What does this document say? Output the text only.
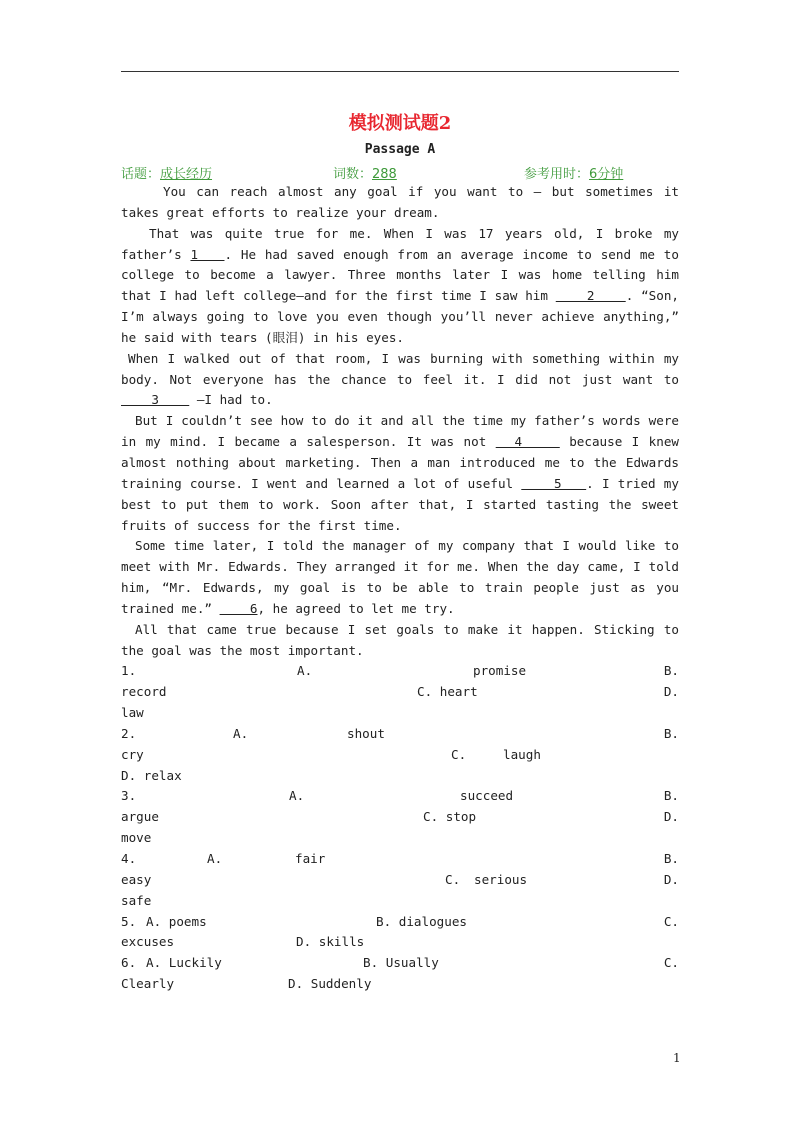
模拟测试题2
Passage A
话题：成长经历	词数：288	参考用时：6分钟

You can reach almost any goal if you want to — but sometimes it takes great efforts to realize your dream.

That was quite true for me. When I was 17 years old, I broke my father’s 1   . He had saved enough from an average income to send me to college to become a lawyer. Three months later I was home telling him that I had left college—and for the first time I saw him     2    . “Son, I’m always going to love you even though you’ll never achieve anything,” he said with tears (眼泪) in his eyes.

When I walked out of that room, I was burning with something within my body. Not everyone has the chance to feel it. I did not just want to     3     —I had to.

But I couldn’t see how to do it and all the time my father’s words were in my mind. I became a salesperson. It was not   4     because I knew almost nothing about marketing. Then a man introduced me to the Edwards training course. I went and learned a lot of useful     5   . I tried my best to put them to work. Soon after that, I started tasting the sweet fruits of success for the first time.

Some time later, I told the manager of my company that I would like to meet with Mr. Edwards. They arranged it for me. When the day came, I told him, “Mr. Edwards, my goal is to be able to train people just as you trained me.”     6, he agreed to let me try.

All that came true because I set goals to make it happen. Sticking to the goal was the most important.

1.	A.	promise	B.
record	C. heart	D.
law
2.	A.	shout	B.
cry	C.	laugh
D. relax
3.	A.	succeed	B.
argue	C. stop	D.
move
4.	A.	fair	B.
easy	C.	serious	D.
safe
5. A. poems	B. dialogues	C.
excuses	D. skills
6. A. Luckily	B. Usually	C.
Clearly	D. Suddenly
1
